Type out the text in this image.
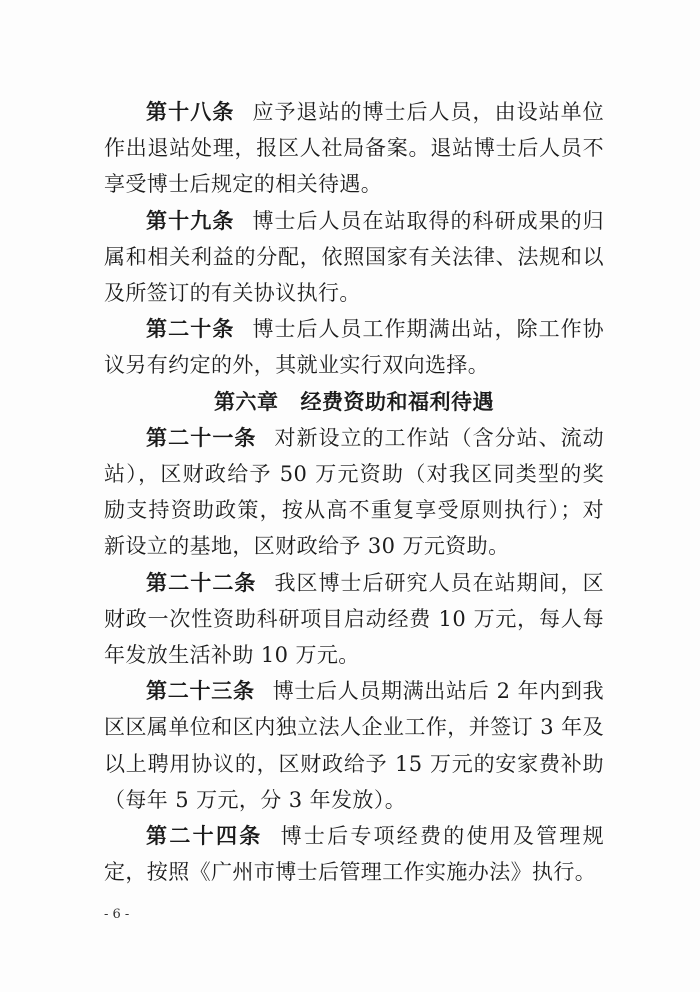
第十八条 应予退站的博士后人员，由设站单位作出退站处理，报区人社局备案。退站博士后人员不享受博士后规定的相关待遇。

第十九条 博士后人员在站取得的科研成果的归属和相关利益的分配，依照国家有关法律、法规和以及所签订的有关协议执行。

第二十条 博士后人员工作期满出站，除工作协议另有约定的外，其就业实行双向选择。

第六章 经费资助和福利待遇

第二十一条 对新设立的工作站（含分站、流动站），区财政给予 50 万元资助（对我区同类型的奖励支持资助政策，按从高不重复享受原则执行）；对新设立的基地，区财政给予 30 万元资助。

第二十二条 我区博士后研究人员在站期间，区财政一次性资助科研项目启动经费 10 万元，每人每年发放生活补助 10 万元。

第二十三条 博士后人员期满出站后 2 年内到我区区属单位和区内独立法人企业工作，并签订 3 年及以上聘用协议的，区财政给予 15 万元的安家费补助（每年 5 万元，分 3 年发放）。

第二十四条 博士后专项经费的使用及管理规定，按照《广州市博士后管理工作实施办法》执行。

- 6 -
